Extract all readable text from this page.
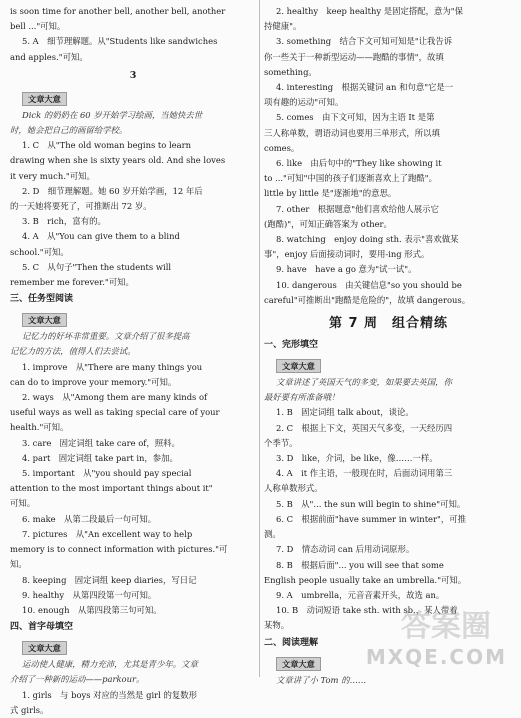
is soon time for another bell, another bell, another

bell ..."可知。

5. A　细节理解题。从"Students like sandwiches

and apples."可知。

3
文章大意

Dick 的奶奶在 60 岁开始学习绘画，当她快去世

时，她会把自己的画留给学校。

1. C　从"The old woman begins to learn

drawing when she is sixty years old. And she loves

it very much."可知。

2. D　细节理解题。她 60 岁开始学画，12 年后

的一天她将要死了，可推断出 72 岁。

3. B　rich，富有的。

4. A　从"You can give them to a blind

school."可知。

5. C　从句子"Then the students will

remember me forever."可知。

三、任务型阅读
文章大意

记忆力的好坏非常重要。文章介绍了很多提高

记忆力的方法，值得人们去尝试。

1. improve　从"There are many things you

can do to improve your memory."可知。

2. ways　从"Among them are many kinds of

useful ways as well as taking special care of your

health."可知。

3. care　固定词组 take care of，照料。

4. part　固定词组 take part in，参加。

5. important　从"you should pay special

attention to the most important things about it"

可知。

6. make　从第二段最后一句可知。

7. pictures　从"An excellent way to help

memory is to connect information with pictures."可

知。

8. keeping　固定词组 keep diaries，写日记

9. healthy　从第四段第一句可知。

10. enough　从第四段第三句可知。

四、首字母填空
文章大意

运动使人健康，精力充沛，尤其是青少年。文章

介绍了一种新的运动——parkour。

1. girls　与 boys 对应的当然是 girl 的复数形

式 girls。

2. healthy　keep healthy 是固定搭配，意为"保

持健康"。

3. something　结合下文可知可知是"让我告诉

你一些关于一种新型运动——跑酷的事情"，故填

something。

4. interesting　根据关键词 an 和句意"它是一

项有趣的运动"可知。

5. comes　由下文可知，因为主语 It 是第

三人称单数，谓语动词也要用三单形式，所以填

comes。

6. like　由后句中的"They like showing it

to ..."可知"中国的孩子们逐渐喜欢上了跑酷"。

little by little 是"逐渐地"的意思。

7. other　根据题意"他们喜欢给他人展示它

(跑酷)"，可知正确答案为 other。

8. watching　enjoy doing sth. 表示"喜欢做某

事"，enjoy 后面接动词时，要用-ing 形式。

9. have　have a go 意为"试一试"。

10. dangerous　由关键信息"so you should be

careful"可推断出"跑酷是危险的"，故填 dangerous。

第 7 周　组合精练
一、完形填空
文章大意

文章讲述了英国天气的多变，如果要去英国，你

最好要有所准备哦！

1. B　固定词组 talk about，谈论。

2. C　根据上下文，英国天气多变，一天经历四

个季节。

3. D　like，介词，be like，像……一样。

4. A　it 作主语，一般现在时，后面动词用第三

人称单数形式。

5. B　从"... the sun will begin to shine"可知。

6. C　根据前面"have summer in winter"，可推

测。

7. D　情态动词 can 后用动词原形。

8. B　根据后面"... you will see that some

English people usually take an umbrella."可知。

9. A　umbrella，元音音素开头，故选 an。

10. B　动词短语 take sth. with sb.，某人带着

某物。

二、阅读理解
文章大意

文章讲了小 Tom 的……

答案圈
MXQE.COM
